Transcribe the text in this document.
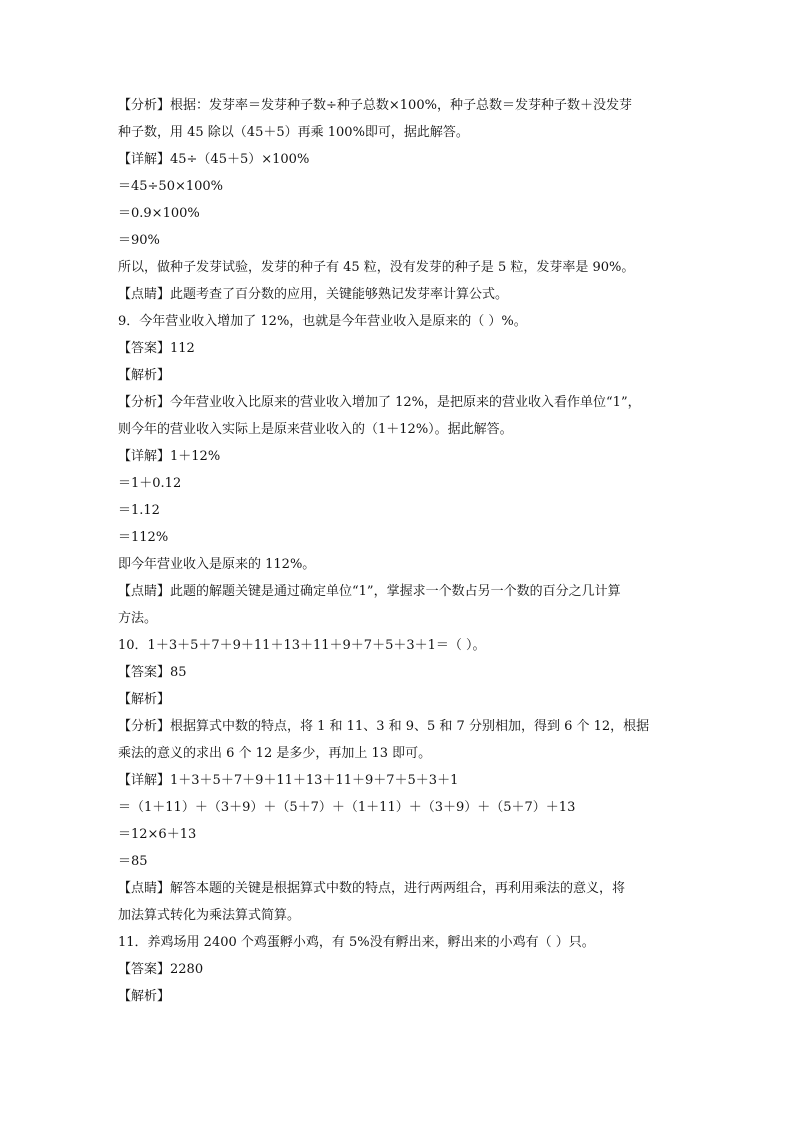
【分析】根据：发芽率＝发芽种子数÷种子总数×100%，种子总数＝发芽种子数＋没发芽
种子数，用 45 除以（45＋5）再乘 100%即可，据此解答。
【详解】45÷（45＋5）×100%
＝45÷50×100%
＝0.9×100%
＝90%
所以，做种子发芽试验，发芽的种子有 45 粒，没有发芽的种子是 5 粒，发芽率是 90%。
【点睛】此题考查了百分数的应用，关键能够熟记发芽率计算公式。
9．今年营业收入增加了 12%，也就是今年营业收入是原来的（ ）%。
【答案】112
【解析】
【分析】今年营业收入比原来的营业收入增加了 12%，是把原来的营业收入看作单位“1”，
则今年的营业收入实际上是原来营业收入的（1＋12%）。据此解答。
【详解】1＋12%
＝1＋0.12
＝1.12
＝112%
即今年营业收入是原来的 112%。
【点睛】此题的解题关键是通过确定单位“1”，掌握求一个数占另一个数的百分之几计算
方法。
10．1＋3＋5＋7＋9＋11＋13＋11＋9＋7＋5＋3＋1＝（ ）。
【答案】85
【解析】
【分析】根据算式中数的特点，将 1 和 11、3 和 9、5 和 7 分别相加，得到 6 个 12，根据
乘法的意义的求出 6 个 12 是多少，再加上 13 即可。
【详解】1＋3＋5＋7＋9＋11＋13＋11＋9＋7＋5＋3＋1
＝（1＋11）＋（3＋9）＋（5＋7）＋（1＋11）＋（3＋9）＋（5＋7）＋13
＝12×6＋13
＝85
【点睛】解答本题的关键是根据算式中数的特点，进行两两组合，再利用乘法的意义，将
加法算式转化为乘法算式简算。
11．养鸡场用 2400 个鸡蛋孵小鸡，有 5%没有孵出来，孵出来的小鸡有（ ）只。
【答案】2280
【解析】
